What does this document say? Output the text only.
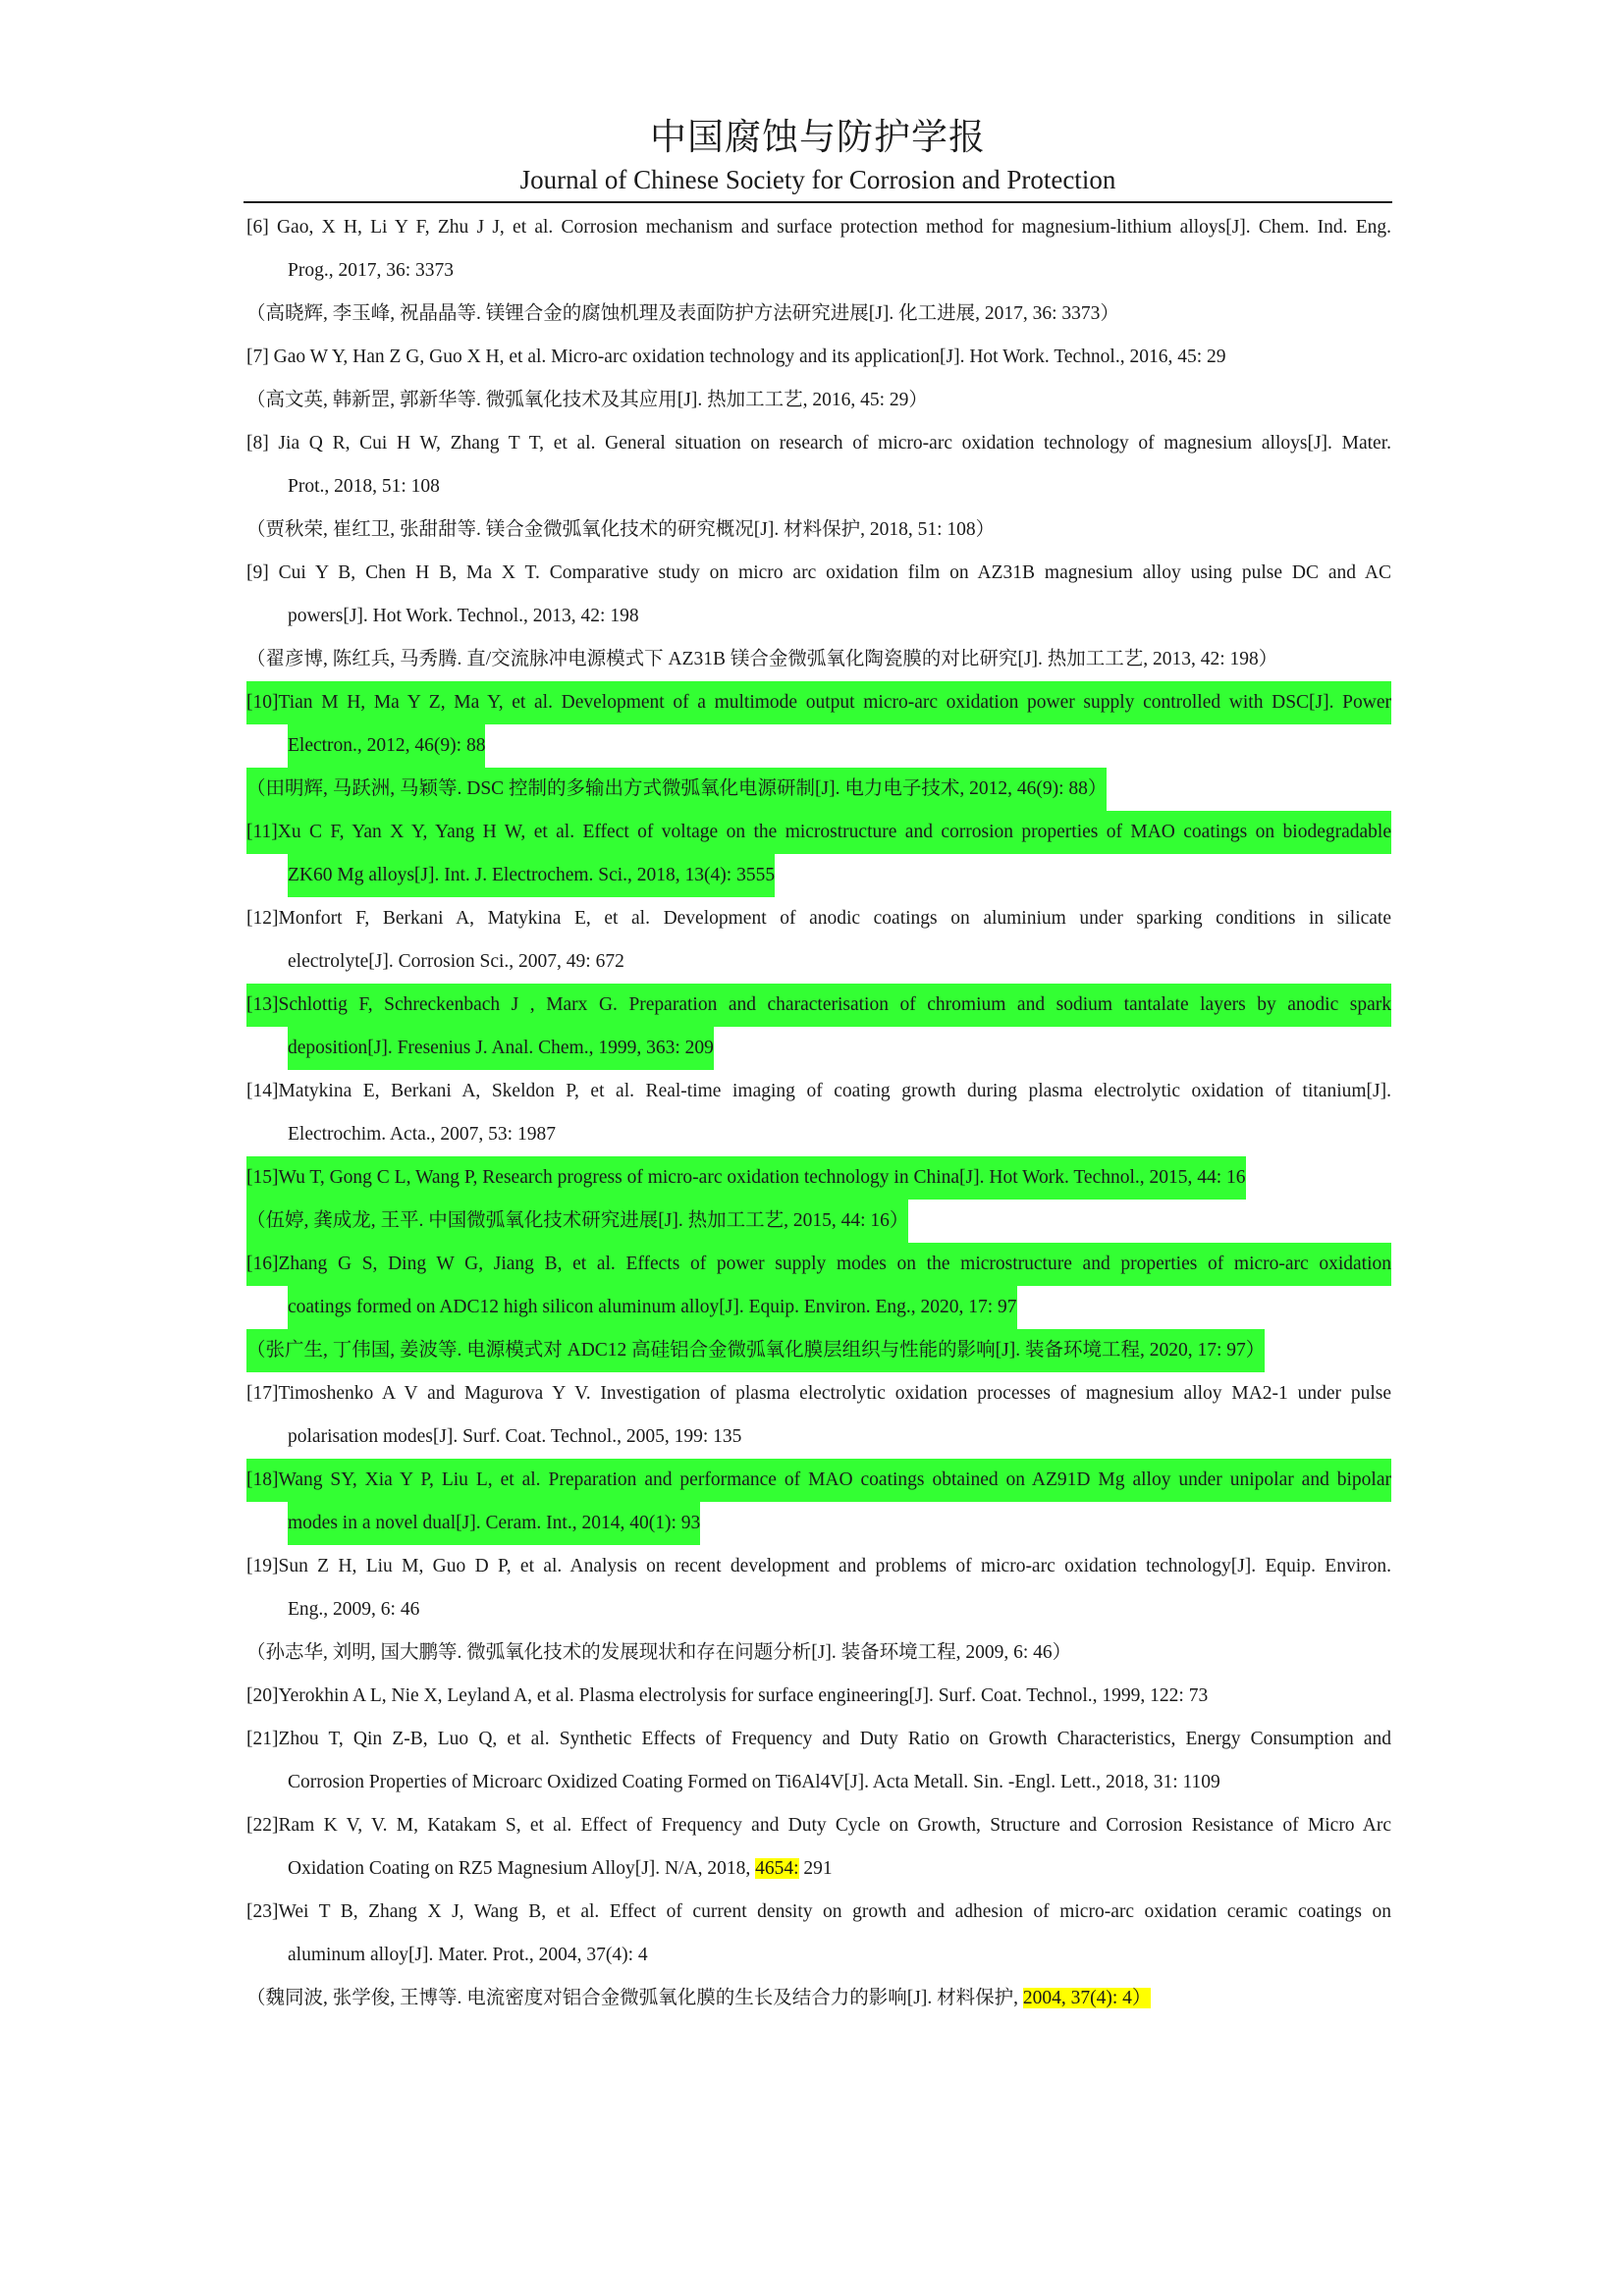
中国腐蚀与防护学报
Journal of Chinese Society for Corrosion and Protection
[6] Gao, X H, Li Y F, Zhu J J, et al. Corrosion mechanism and surface protection method for magnesium-lithium alloys[J]. Chem. Ind. Eng.
Prog., 2017, 36: 3373
（高晓辉, 李玉峰, 祝晶晶等. 镁锂合金的腐蚀机理及表面防护方法研究进展[J]. 化工进展, 2017, 36: 3373）
[7] Gao W Y, Han Z G, Guo X H, et al. Micro-arc oxidation technology and its application[J]. Hot Work. Technol., 2016, 45: 29
（高文英, 韩新罡, 郭新华等. 微弧氧化技术及其应用[J]. 热加工工艺, 2016, 45: 29）
[8] Jia Q R, Cui H W, Zhang T T, et al. General situation on research of micro-arc oxidation technology of magnesium alloys[J]. Mater.
Prot., 2018, 51: 108
（贾秋荣, 崔红卫, 张甜甜等. 镁合金微弧氧化技术的研究概况[J]. 材料保护, 2018, 51: 108）
[9] Cui Y B, Chen H B, Ma X T. Comparative study on micro arc oxidation film on AZ31B magnesium alloy using pulse DC and AC
powers[J]. Hot Work. Technol., 2013, 42: 198
（翟彦博, 陈红兵, 马秀腾. 直/交流脉冲电源模式下 AZ31B 镁合金微弧氧化陶瓷膜的对比研究[J]. 热加工工艺, 2013, 42: 198）
[10]Tian M H, Ma Y Z, Ma Y, et al. Development of a multimode output micro-arc oxidation power supply controlled with DSC[J]. Power
Electron., 2012, 46(9): 88
（田明辉, 马跃洲, 马颖等. DSC 控制的多输出方式微弧氧化电源研制[J]. 电力电子技术, 2012, 46(9): 88）
[11]Xu C F, Yan X Y, Yang H W, et al. Effect of voltage on the microstructure and corrosion properties of MAO coatings on biodegradable
ZK60 Mg alloys[J]. Int. J. Electrochem. Sci., 2018, 13(4): 3555
[12]Monfort F, Berkani A, Matykina E, et al. Development of anodic coatings on aluminium under sparking conditions in silicate
electrolyte[J]. Corrosion Sci., 2007, 49: 672
[13]Schlottig F, Schreckenbach J , Marx G. Preparation and characterisation of chromium and sodium tantalate layers by anodic spark
deposition[J]. Fresenius J. Anal. Chem., 1999, 363: 209
[14]Matykina E, Berkani A, Skeldon P, et al. Real-time imaging of coating growth during plasma electrolytic oxidation of titanium[J].
Electrochim. Acta., 2007, 53: 1987
[15]Wu T, Gong C L, Wang P, Research progress of micro-arc oxidation technology in China[J]. Hot Work. Technol., 2015, 44: 16
（伍婷, 龚成龙, 王平. 中国微弧氧化技术研究进展[J]. 热加工工艺, 2015, 44: 16）
[16]Zhang G S, Ding W G, Jiang B, et al. Effects of power supply modes on the microstructure and properties of micro-arc oxidation
coatings formed on ADC12 high silicon aluminum alloy[J]. Equip. Environ. Eng., 2020, 17: 97
（张广生, 丁伟国, 姜波等. 电源模式对 ADC12 高硅铝合金微弧氧化膜层组织与性能的影响[J]. 装备环境工程, 2020, 17: 97）
[17]Timoshenko A V and Magurova Y V. Investigation of plasma electrolytic oxidation processes of magnesium alloy MA2-1 under pulse
polarisation modes[J]. Surf. Coat. Technol., 2005, 199: 135
[18]Wang SY, Xia Y P, Liu L, et al. Preparation and performance of MAO coatings obtained on AZ91D Mg alloy under unipolar and bipolar
modes in a novel dual[J]. Ceram. Int., 2014, 40(1): 93
[19]Sun Z H, Liu M, Guo D P, et al. Analysis on recent development and problems of micro-arc oxidation technology[J]. Equip. Environ.
Eng., 2009, 6: 46
（孙志华, 刘明, 国大鹏等. 微弧氧化技术的发展现状和存在问题分析[J]. 装备环境工程, 2009, 6: 46）
[20]Yerokhin A L, Nie X, Leyland A, et al. Plasma electrolysis for surface engineering[J]. Surf. Coat. Technol., 1999, 122: 73
[21]Zhou T, Qin Z-B, Luo Q, et al. Synthetic Effects of Frequency and Duty Ratio on Growth Characteristics, Energy Consumption and
Corrosion Properties of Microarc Oxidized Coating Formed on Ti6Al4V[J]. Acta Metall. Sin. -Engl. Lett., 2018, 31: 1109
[22]Ram K V, V. M, Katakam S, et al. Effect of Frequency and Duty Cycle on Growth, Structure and Corrosion Resistance of Micro Arc
Oxidation Coating on RZ5 Magnesium Alloy[J]. N/A, 2018, 4654: 291
[23]Wei T B, Zhang X J, Wang B, et al. Effect of current density on growth and adhesion of micro-arc oxidation ceramic coatings on
aluminum alloy[J]. Mater. Prot., 2004, 37(4): 4
（魏同波, 张学俊, 王博等. 电流密度对铝合金微弧氧化膜的生长及结合力的影响[J]. 材料保护, 2004, 37(4): 4）
